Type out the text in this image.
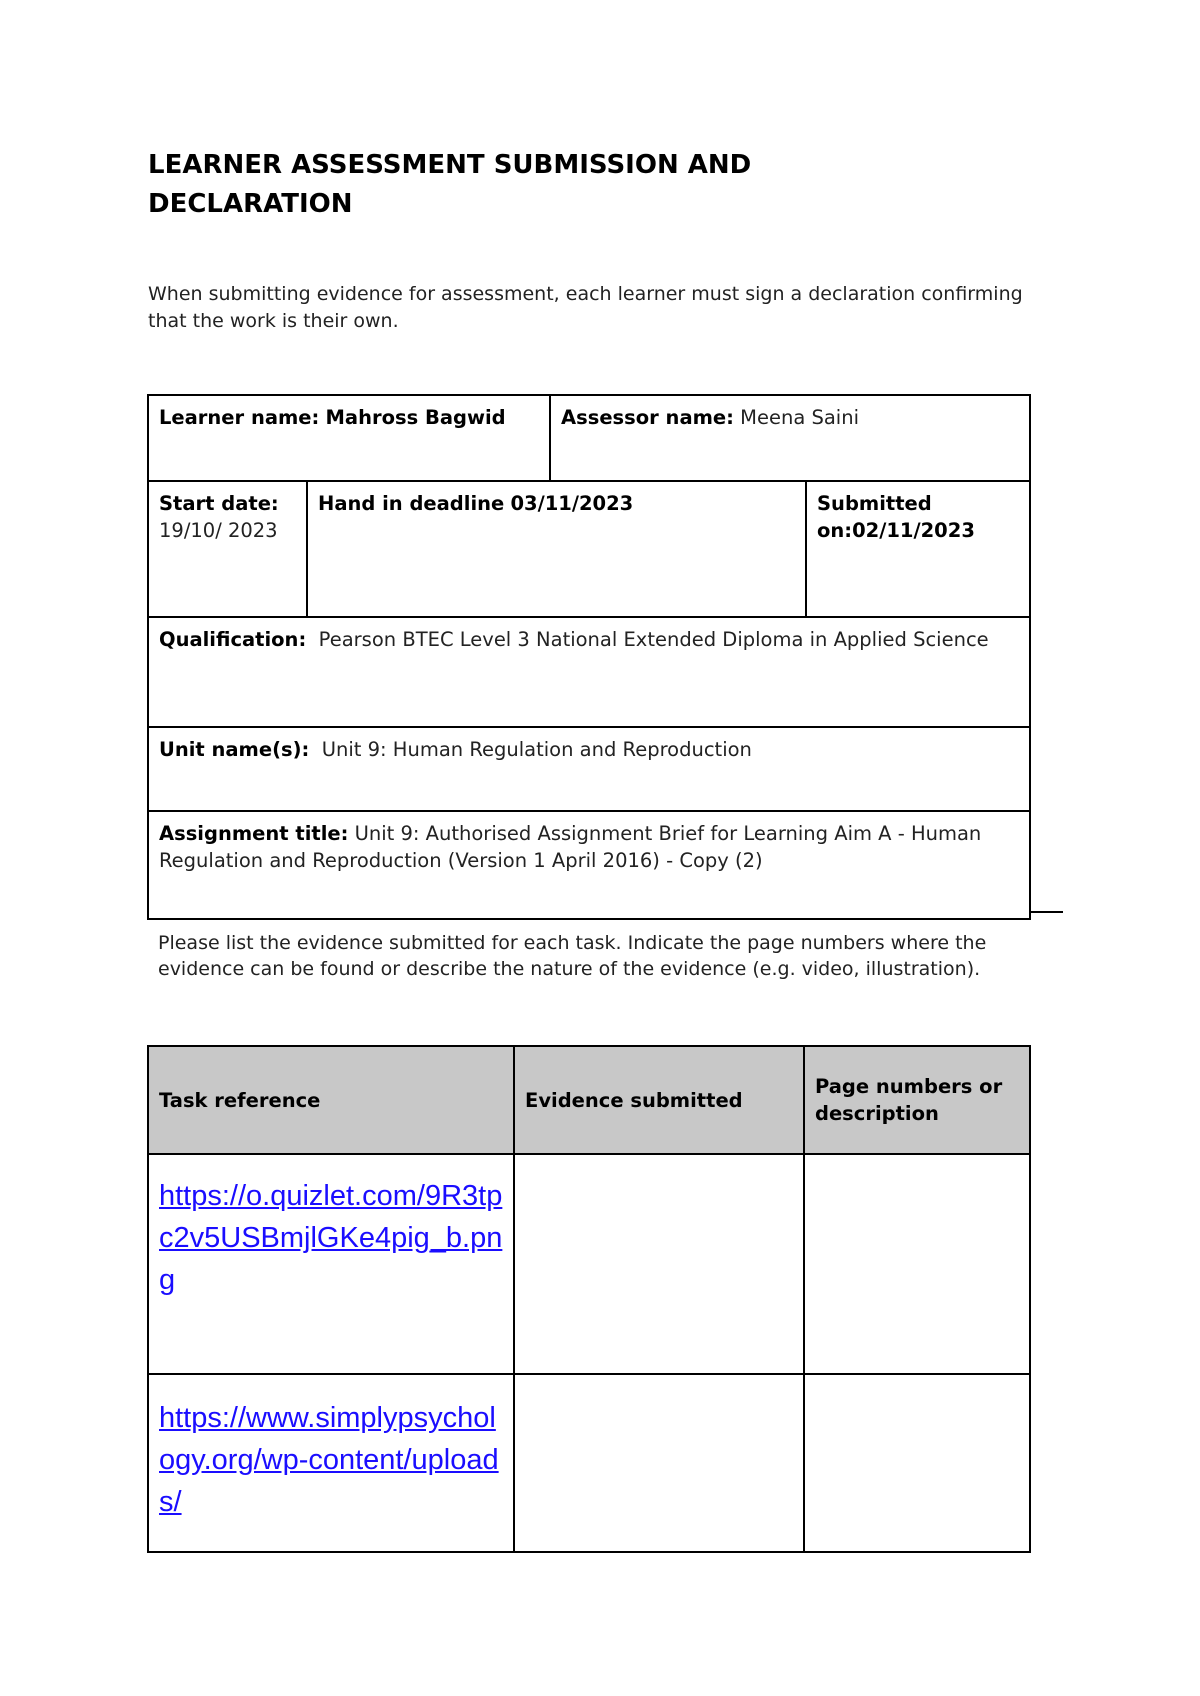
LEARNER ASSESSMENT SUBMISSION AND DECLARATION
When submitting evidence for assessment, each learner must sign a declaration confirming that the work is their own.
Learner name: Mahross Bagwid		Assessor name: Meena Saini	
Start date: 19/10/ 2023	Hand in deadline 03/11/2023		Submitted on:02/11/2023
Qualification: Pearson BTEC Level 3 National Extended Diploma in Applied Science			
Unit name(s): Unit 9: Human Regulation and Reproduction			
Assignment title: Unit 9: Authorised Assignment Brief for Learning Aim A - Human Regulation and Reproduction (Version 1 April 2016) - Copy (2)			
Please list the evidence submitted for each task. Indicate the page numbers where the evidence can be found or describe the nature of the evidence (e.g. video, illustration).
Task reference	Evidence submitted	Page numbers or description

https://o.quizlet.com/9R3tpc2v5USBmjlGKe4pig_b.png		

https://www.simplypsychology.org/wp-content/uploads/		
